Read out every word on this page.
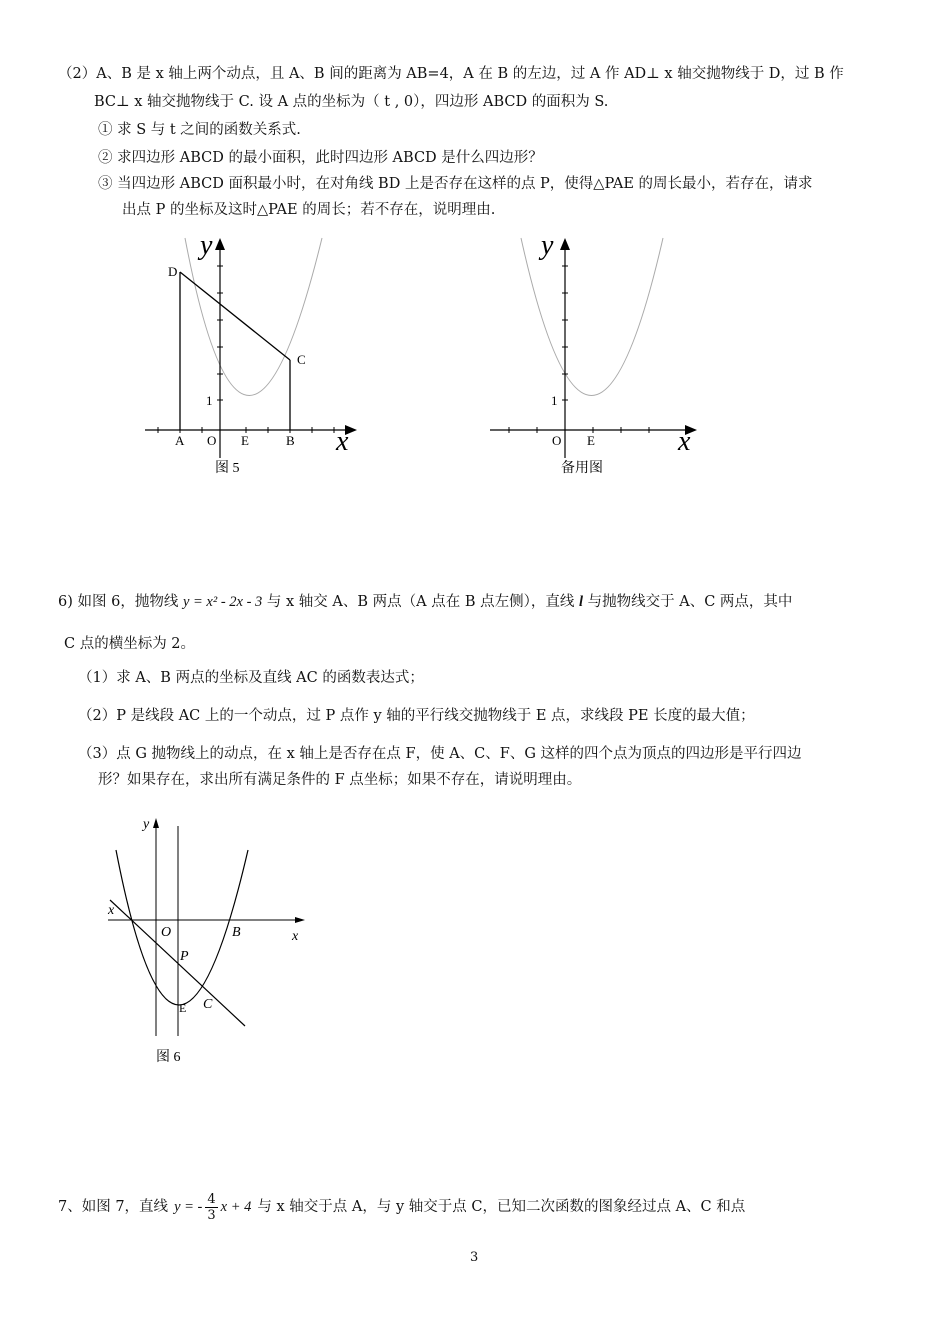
（2）A、B 是 x 轴上两个动点，且 A、B 间的距离为 AB=4，A 在 B 的左边，过 A 作 AD⊥ x 轴交抛物线于 D，过 B 作
BC⊥ x 轴交抛物线于 C. 设 A 点的坐标为（ t , 0），四边形 ABCD 的面积为 S.
① 求 S 与 t 之间的函数关系式.
② 求四边形 ABCD 的最小面积，此时四边形 ABCD 是什么四边形？
③ 当四边形 ABCD 面积最小时，在对角线 BD 上是否存在这样的点 P，使得△PAE 的周长最小，若存在，请求
出点 P 的坐标及这时△PAE 的周长；若不存在，说明理由.
y
x
1
A O E	B
C
D
图 5
y
x
1
O E
备用图
6) 如图 6，抛物线 y = x² - 2x - 3 与 x 轴交 A、B 两点（A 点在 B 点左侧），直线 l 与抛物线交于 A、C 两点，其中
C 点的横坐标为 2。
（1）求 A、B 两点的坐标及直线 AC 的函数表达式；
（2）P 是线段 AC 上的一个动点，过 P 点作 y 轴的平行线交抛物线于 E 点，求线段 PE 长度的最大值；
（3）点 G 抛物线上的动点，在 x 轴上是否存在点 F，使 A、C、F、G 这样的四个点为顶点的四边形是平行四边
形？如果存在，求出所有满足条件的 F 点坐标；如果不存在，请说明理由。
y
x
x
O	B
P
E C
图 6
7、如图 7，直线 y = - $\frac{4}{3}$ x + 4 与 x 轴交于点 A，与 y 轴交于点 C，已知二次函数的图象经过点 A、C 和点
3
